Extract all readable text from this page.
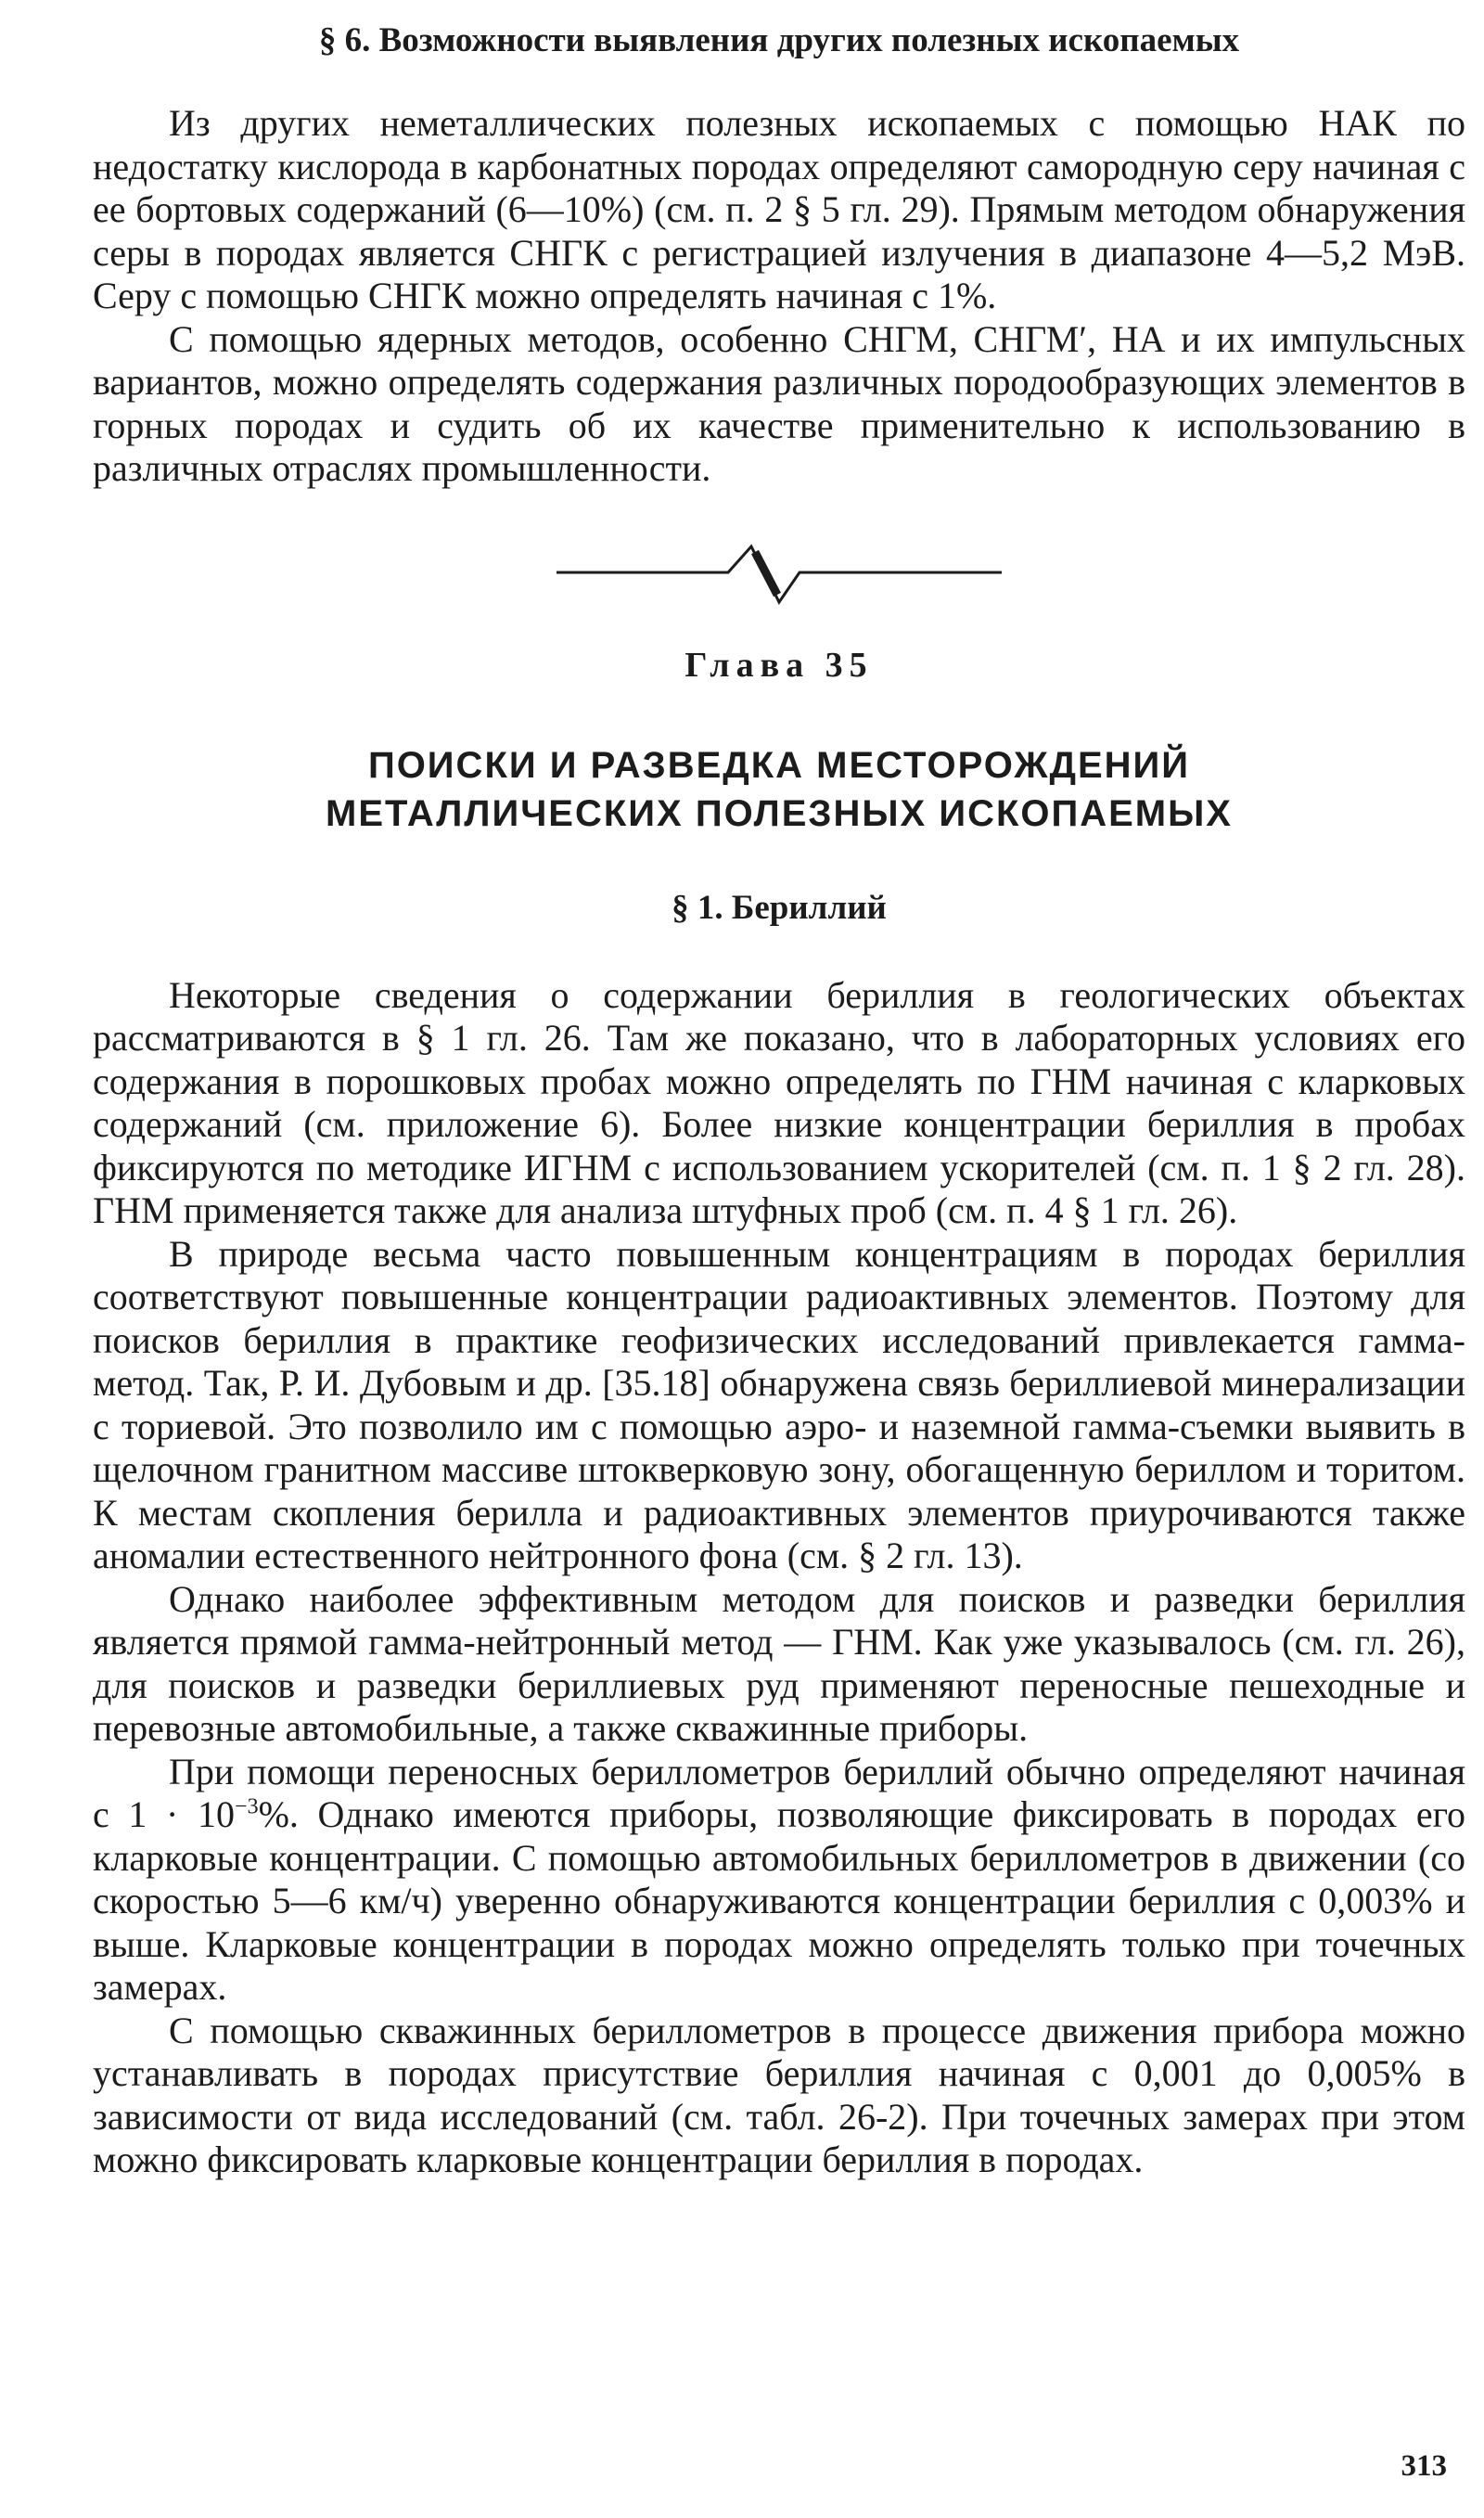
§ 6. Возможности выявления других полезных ископаемых

Из других неметаллических полезных ископаемых с помощью НАК по недостатку кислорода в карбонатных породах определяют самородную серу начиная с ее бортовых содержаний (6—10%) (см. п. 2 § 5 гл. 29). Прямым методом обнаружения серы в породах является СНГК с регистрацией излучения в диапазоне 4—5,2 МэВ. Серу с помощью СНГК можно определять начиная с 1%.

С помощью ядерных методов, особенно СНГМ, СНГМ′, НА и их импульсных вариантов, можно определять содержания различных породообразующих элементов в горных породах и судить об их качестве применительно к использованию в различных отраслях промышленности.

Глава 35
ПОИСКИ И РАЗВЕДКА МЕСТОРОЖДЕНИЙ
МЕТАЛЛИЧЕСКИХ ПОЛЕЗНЫХ ИСКОПАЕМЫХ
§ 1. Бериллий

Некоторые сведения о содержании бериллия в геологических объектах рассматриваются в § 1 гл. 26. Там же показано, что в лабораторных условиях его содержания в порошковых пробах можно определять по ГНМ начиная с кларковых содержаний (см. приложение 6). Более низкие концентрации бериллия в пробах фиксируются по методике ИГНМ с использованием ускорителей (см. п. 1 § 2 гл. 28). ГНМ применяется также для анализа штуфных проб (см. п. 4 § 1 гл. 26).

В природе весьма часто повышенным концентрациям в породах бериллия соответствуют повышенные концентрации радиоактивных элементов. Поэтому для поисков бериллия в практике геофизических исследований привлекается гамма-метод. Так, Р. И. Дубовым и др. [35.18] обнаружена связь бериллиевой минерализации с ториевой. Это позволило им с помощью аэро- и наземной гамма-съемки выявить в щелочном гранитном массиве штокверковую зону, обогащенную бериллом и торитом. К местам скопления берилла и радиоактивных элементов приурочиваются также аномалии естественного нейтронного фона (см. § 2 гл. 13).

Однако наиболее эффективным методом для поисков и разведки бериллия является прямой гамма-нейтронный метод — ГНМ. Как уже указывалось (см. гл. 26), для поисков и разведки бериллиевых руд применяют переносные пешеходные и перевозные автомобильные, а также скважинные приборы.

При помощи переносных бериллометров бериллий обычно определяют начиная с $1 \cdot 10^{-3}\%$. Однако имеются приборы, позволяющие фиксировать в породах его кларковые концентрации. С помощью автомобильных бериллометров в движении (со скоростью 5—6 км/ч) уверенно обнаруживаются концентрации бериллия с 0,003% и выше. Кларковые концентрации в породах можно определять только при точечных замерах.

С помощью скважинных бериллометров в процессе движения прибора можно устанавливать в породах присутствие бериллия начиная с 0,001 до 0,005% в зависимости от вида исследований (см. табл. 26-2). При точечных замерах при этом можно фиксировать кларковые концентрации бериллия в породах.

313
